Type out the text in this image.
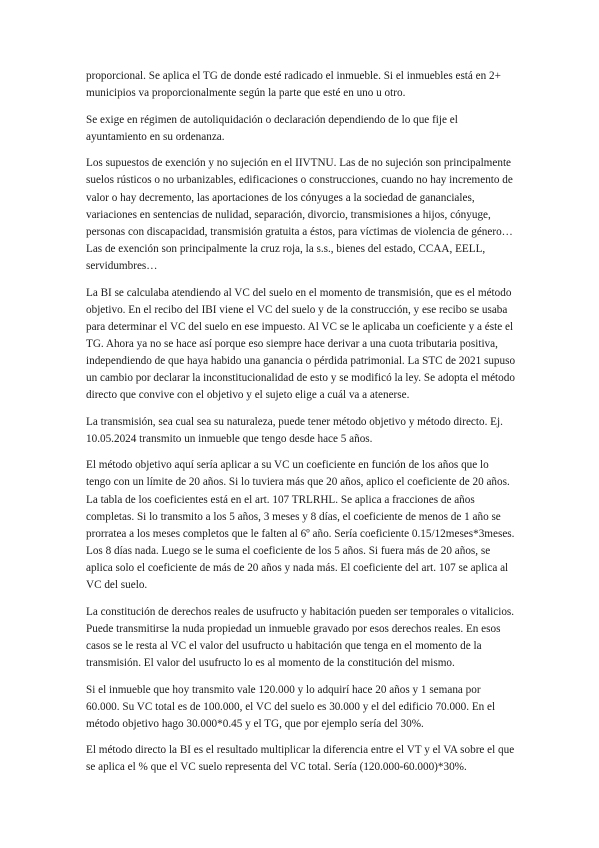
proporcional. Se aplica el TG de donde esté radicado el inmueble. Si el inmuebles está en 2+ municipios va proporcionalmente según la parte que esté en uno u otro.

Se exige en régimen de autoliquidación o declaración dependiendo de lo que fije el ayuntamiento en su ordenanza.

Los supuestos de exención y no sujeción en el IIVTNU. Las de no sujeción son principalmente suelos rústicos o no urbanizables, edificaciones o construcciones, cuando no hay incremento de valor o hay decremento, las aportaciones de los cónyuges a la sociedad de gananciales, variaciones en sentencias de nulidad, separación, divorcio, transmisiones a hijos, cónyuge, personas con discapacidad, transmisión gratuita a éstos, para víctimas de violencia de género… Las de exención son principalmente la cruz roja, la s.s., bienes del estado, CCAA, EELL, servidumbres…

La BI se calculaba atendiendo al VC del suelo en el momento de transmisión, que es el método objetivo. En el recibo del IBI viene el VC del suelo y de la construcción, y ese recibo se usaba para determinar el VC del suelo en ese impuesto. Al VC se le aplicaba un coeficiente y a éste el TG. Ahora ya no se hace así porque eso siempre hace derivar a una cuota tributaria positiva, independiendo de que haya habido una ganancia o pérdida patrimonial. La STC de 2021 supuso un cambio por declarar la inconstitucionalidad de esto y se modificó la ley. Se adopta el método directo que convive con el objetivo y el sujeto elige a cuál va a atenerse.

La transmisión, sea cual sea su naturaleza, puede tener método objetivo y método directo. Ej. 10.05.2024 transmito un inmueble que tengo desde hace 5 años.

El método objetivo aquí sería aplicar a su VC un coeficiente en función de los años que lo tengo con un límite de 20 años. Si lo tuviera más que 20 años, aplico el coeficiente de 20 años. La tabla de los coeficientes está en el art. 107 TRLRHL. Se aplica a fracciones de años completas. Si lo transmito a los 5 años, 3 meses y 8 días, el coeficiente de menos de 1 año se prorratea a los meses completos que le falten al 6º año. Sería coeficiente 0.15/12meses*3meses. Los 8 días nada. Luego se le suma el coeficiente de los 5 años. Si fuera más de 20 años, se aplica solo el coeficiente de más de 20 años y nada más. El coeficiente del art. 107 se aplica al VC del suelo.

La constitución de derechos reales de usufructo y habitación pueden ser temporales o vitalicios. Puede transmitirse la nuda propiedad un inmueble gravado por esos derechos reales. En esos casos se le resta al VC el valor del usufructo u habitación que tenga en el momento de la transmisión. El valor del usufructo lo es al momento de la constitución del mismo.

Si el inmueble que hoy transmito vale 120.000 y lo adquirí hace 20 años y 1 semana por 60.000. Su VC total es de 100.000, el VC del suelo es 30.000 y el del edificio 70.000. En el método objetivo hago 30.000*0.45 y el TG, que por ejemplo sería del 30%.

El método directo la BI es el resultado multiplicar la diferencia entre el VT y el VA sobre el que se aplica el % que el VC suelo representa del VC total. Sería (120.000-60.000)*30%.
